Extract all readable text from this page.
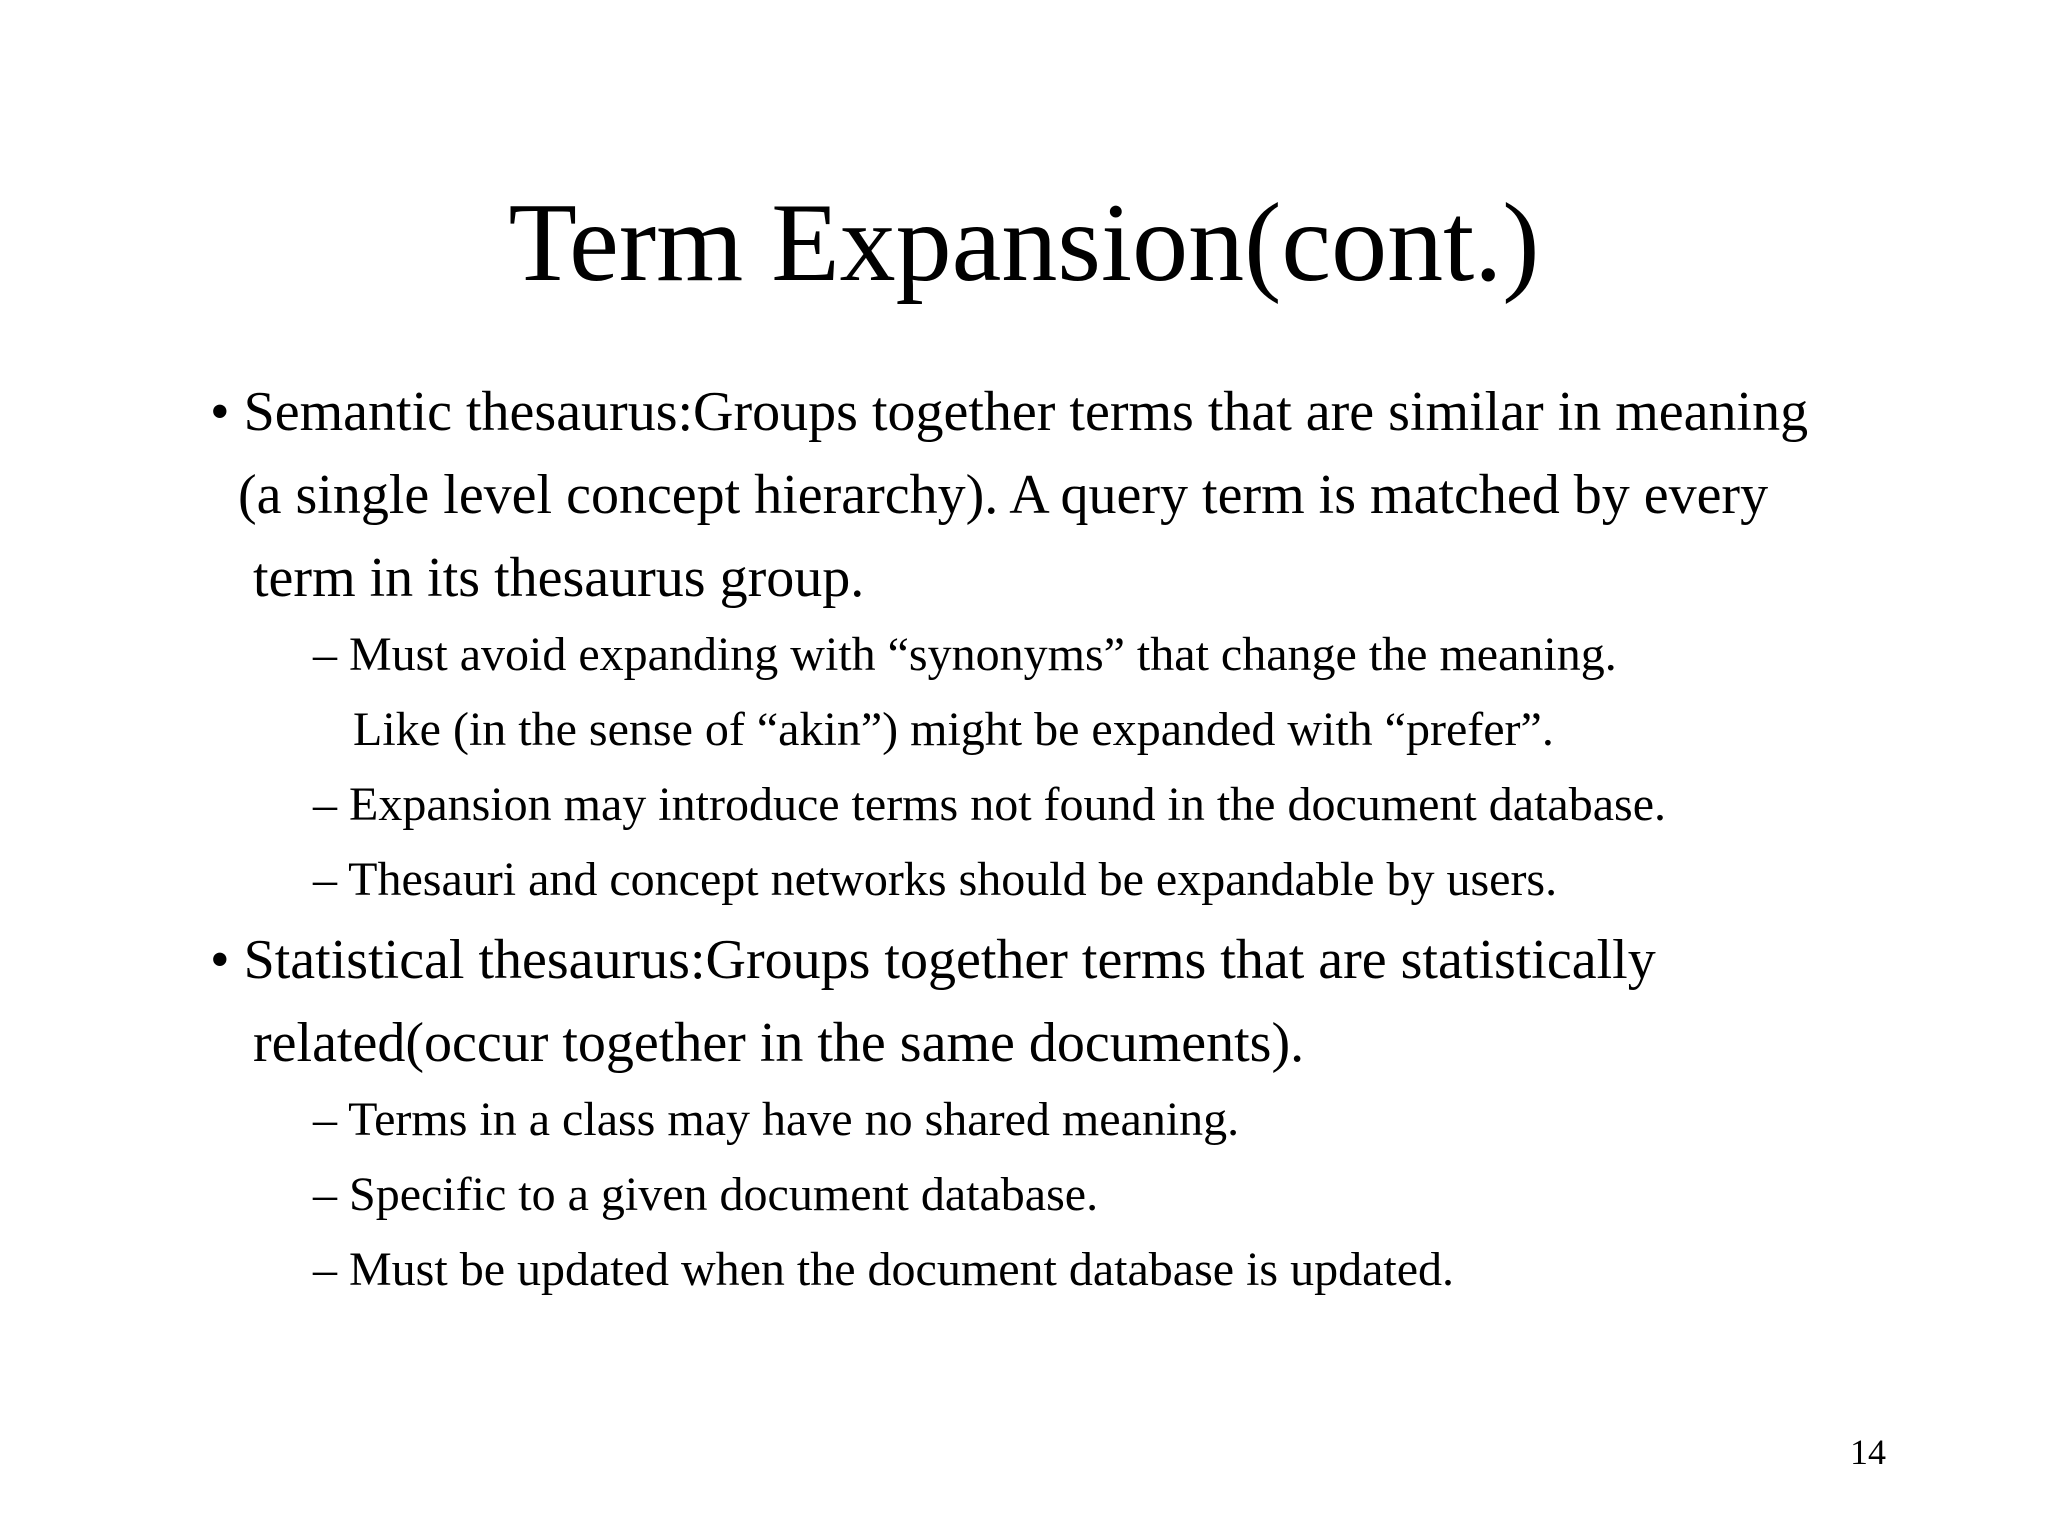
Term Expansion(cont.)
• Semantic thesaurus:Groups together terms that are similar in meaning
(a single level concept hierarchy). A query term is matched by every
term in its thesaurus group.
– Must avoid expanding with “synonyms” that change the meaning.
Like (in the sense of “akin”) might be expanded with “prefer”.
– Expansion may introduce terms not found in the document database.
– Thesauri and concept networks should be expandable by users.
• Statistical thesaurus:Groups together terms that are statistically
related(occur together in the same documents).
– Terms in a class may have no shared meaning.
– Specific to a given document database.
– Must be updated when the document database is updated.
14
